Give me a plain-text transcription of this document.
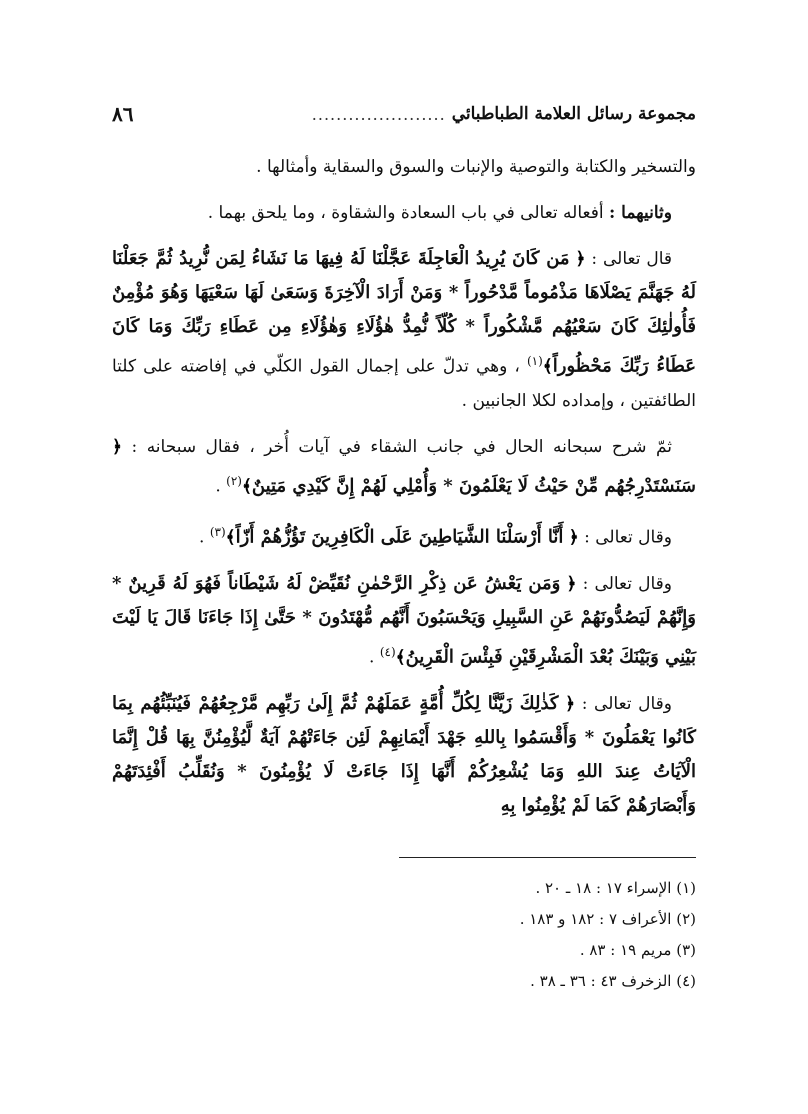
٨٦	...................... مجموعة رسائل العلامة الطباطبائي

والتسخير والكتابة والتوصية والإنبات والسوق والسقاية وأمثالها .

وثانيهما : أفعاله تعالى في باب السعادة والشقاوة ، وما يلحق بهما .

قال تعالى : ﴿ مَن كَانَ يُرِيدُ الْعَاجِلَةَ عَجَّلْنَا لَهُ فِيهَا مَا نَشَاءُ لِمَن نُّرِيدُ ثُمَّ جَعَلْنَا لَهُ جَهَنَّمَ يَصْلَاهَا مَذْمُوماً مَّدْحُوراً * وَمَنْ أَرَادَ الْآخِرَةَ وَسَعَىٰ لَهَا سَعْيَهَا وَهُوَ مُؤْمِنٌ فَأُولٰئِكَ كَانَ سَعْيُهُم مَّشْكُوراً * كُلّاً نُّمِدُّ هٰؤُلَاءِ وَهٰؤُلَاءِ مِن عَطَاءِ رَبِّكَ وَمَا كَانَ عَطَاءُ رَبِّكَ مَحْظُوراً﴾$^{(١)}$ ، وهي تدلّ على إجمال القول الكلّي في إفاضته على كلتا الطائفتين ، وإمداده لكلا الجانبين .

ثمّ شرح سبحانه الحال في جانب الشقاء في آيات أُخر ، فقال سبحانه : ﴿ سَنَسْتَدْرِجُهُم مِّنْ حَيْثُ لَا يَعْلَمُونَ * وَأُمْلِي لَهُمْ إِنَّ كَيْدِي مَتِينٌ﴾$^{(٢)}$ .

وقال تعالى : ﴿ أَنَّا أَرْسَلْنَا الشَّيَاطِينَ عَلَى الْكَافِرِينَ تَؤُزُّهُمْ أَزّاً﴾$^{(٣)}$ .

وقال تعالى : ﴿ وَمَن يَعْشُ عَن ذِكْرِ الرَّحْمٰنِ نُقَيِّضْ لَهُ شَيْطَاناً فَهُوَ لَهُ قَرِينٌ * وَإِنَّهُمْ لَيَصُدُّونَهُمْ عَنِ السَّبِيلِ وَيَحْسَبُونَ أَنَّهُم مُّهْتَدُونَ * حَتَّىٰ إِذَا جَاءَنَا قَالَ يَا لَيْتَ بَيْنِي وَبَيْنَكَ بُعْدَ الْمَشْرِقَيْنِ فَبِئْسَ الْقَرِينُ﴾$^{(٤)}$ .

وقال تعالى : ﴿ كَذٰلِكَ زَيَّنَّا لِكُلِّ أُمَّةٍ عَمَلَهُمْ ثُمَّ إِلَىٰ رَبِّهِم مَّرْجِعُهُمْ فَيُنَبِّئُهُم بِمَا كَانُوا يَعْمَلُونَ * وَأَقْسَمُوا بِاللهِ جَهْدَ أَيْمَانِهِمْ لَئِن جَاءَتْهُمْ آيَةٌ لَّيُؤْمِنُنَّ بِهَا قُلْ إِنَّمَا الْآيَاتُ عِندَ اللهِ وَمَا يُشْعِرُكُمْ أَنَّهَا إِذَا جَاءَتْ لَا يُؤْمِنُونَ * وَنُقَلِّبُ أَفْئِدَتَهُمْ وَأَبْصَارَهُمْ كَمَا لَمْ يُؤْمِنُوا بِهِ

(١) الإسراء ١٧ : ١٨ ـ ٢٠ .

(٢) الأعراف ٧ : ١٨٢ و ١٨٣ .

(٣) مريم ١٩ : ٨٣ .

(٤) الزخرف ٤٣ : ٣٦ ـ ٣٨ .
